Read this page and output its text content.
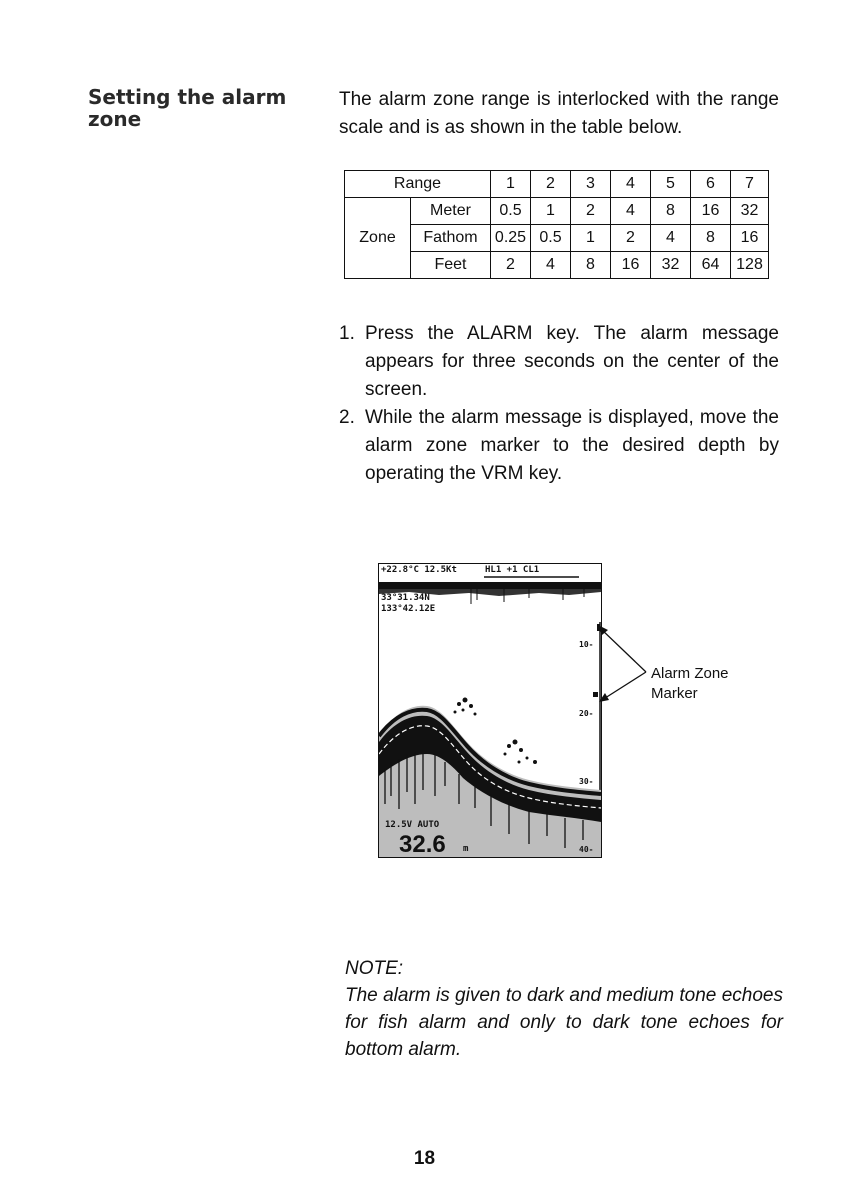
Setting the alarm
zone

The alarm zone range is interlocked with the range scale and is as shown in the table below.

Range		1	2	3	4	5	6	7
Zone	Meter	0.5	1	2	4	8	16	32
	Fathom	0.25	0.5	1	2	4	8	16
	Feet	2	4	8	16	32	64	128
1. Press the ALARM key. The alarm message appears for three seconds on the center of the screen.
2. While the alarm message is displayed, move the alarm zone marker to the desired depth by operating the VRM key.
+22.8°C 12.5Kt	HL1 +1 CL1
33°31.34N
133°42.12E
10-
20-
30-
40-
12.5V AUTO
32.6 m
Alarm Zone
Marker
NOTE:
The alarm is given to dark and medium tone echoes for fish alarm and only to dark tone echoes for bottom alarm.
18
